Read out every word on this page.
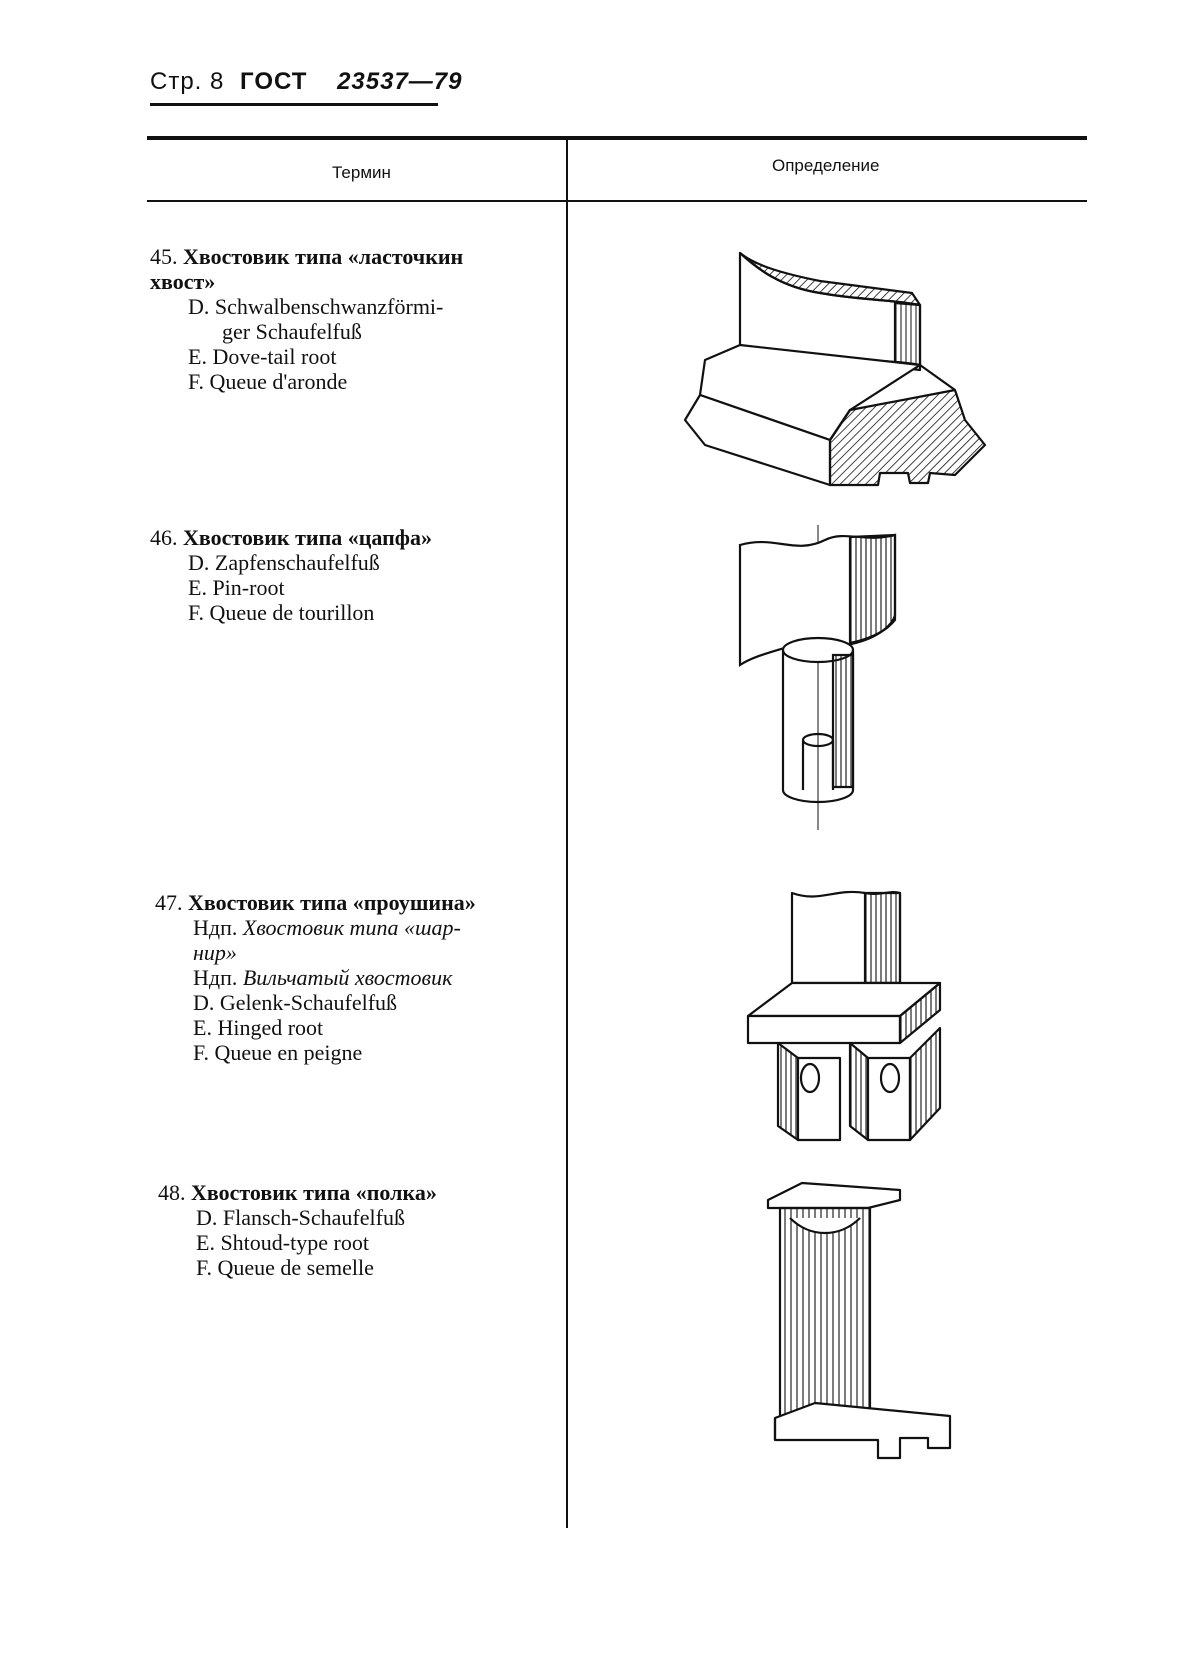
Стр. 8 ГОСТ 23537—79
Термин	Определение
45. Хвостовик типа «ласточкин
хвост»
D. Schwalbenschwanzförmi-
ger Schaufelfuß
E. Dove-tail root
F. Queue d'aronde
46. Хвостовик типа «цапфа»
D. Zapfenschaufelfuß
E. Pin-root
F. Queue de tourillon
47. Хвостовик типа «проушина»
Ндп. Хвостовик типа «шар-
нир»
Ндп. Вильчатый хвостовик
D. Gelenk-Schaufelfuß
E. Hinged root
F. Queue en peigne
48. Хвостовик типа «полка»
D. Flansch-Schaufelfuß
E. Shtoud-type root
F. Queue de semelle
